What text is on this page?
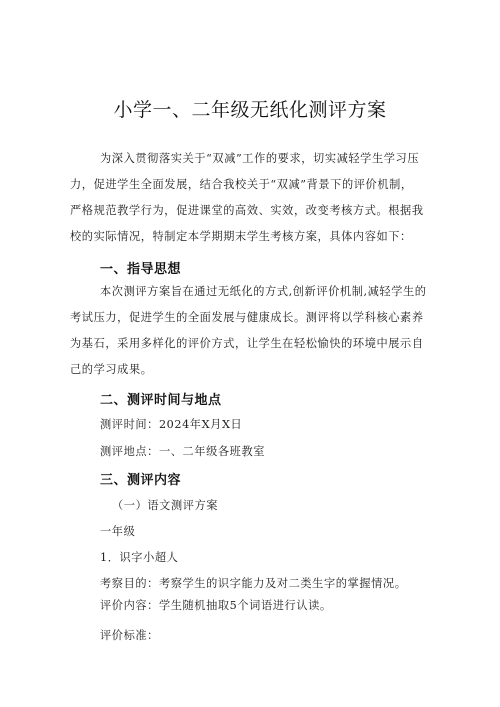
小学一、二年级无纸化测评方案

为深入贯彻落实关于“双减”工作的要求，切实减轻学生学习压
力，促进学生全面发展，结合我校关于“双减”背景下的评价机制，
严格规范教学行为，促进课堂的高效、实效，改变考核方式。根据我
校的实际情况，特制定本学期期末学生考核方案，具体内容如下：

一、指导思想

本次测评方案旨在通过无纸化的方式,创新评价机制,减轻学生的
考试压力，促进学生的全面发展与健康成长。测评将以学科核心素养
为基石，采用多样化的评价方式，让学生在轻松愉快的环境中展示自
己的学习成果。

二、测评时间与地点
测评时间：2024年X月X日
测评地点：一、二年级各班教室
三、测评内容
（一）语文测评方案
一年级
1．识字小超人
考察目的：考察学生的识字能力及对二类生字的掌握情况。
评价内容：学生随机抽取5个词语进行认读。
评价标准：
